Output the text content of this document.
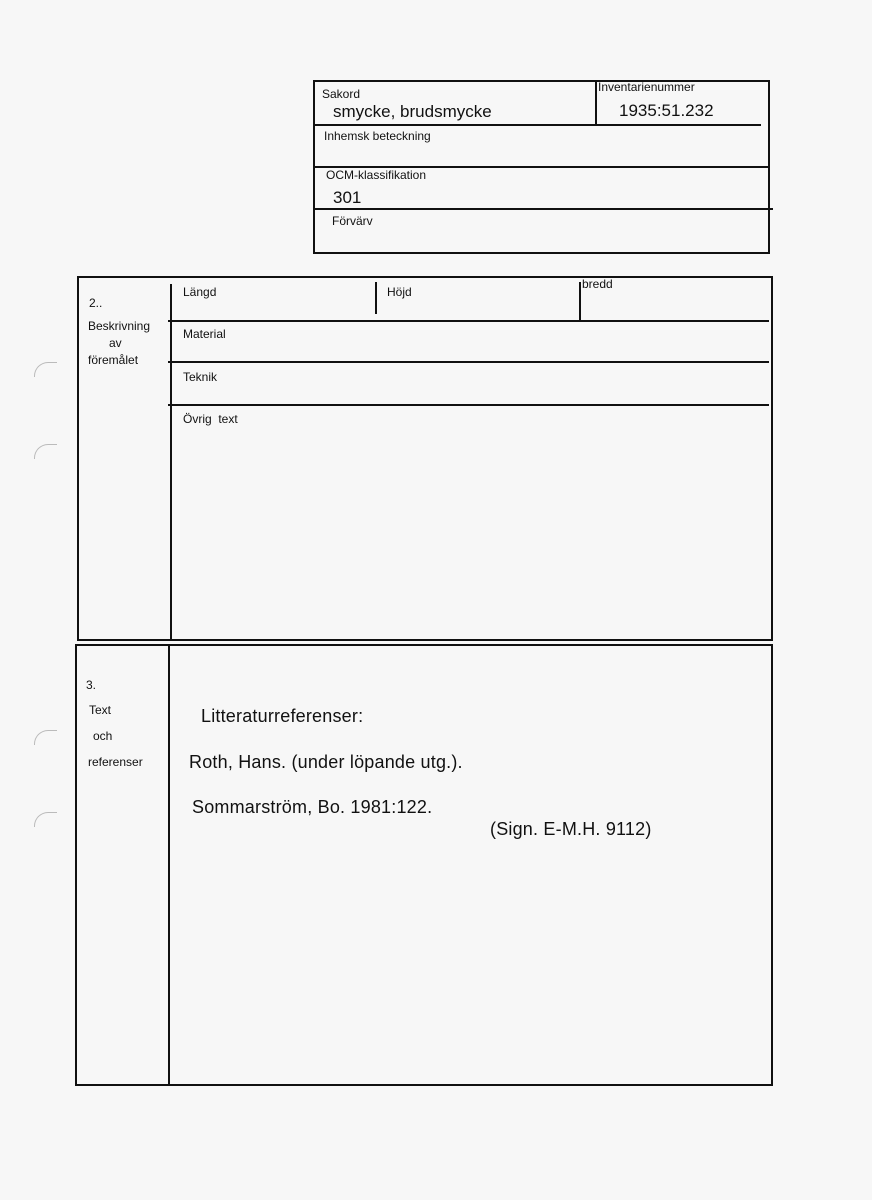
Sakord
smycke, brudsmycke
Inventarienummer
1935:51.232
Inhemsk beteckning
OCM-klassifikation
301
Förvärv
2..
Beskrivning
av
föremålet
Längd	Höjd
bredd
Material
Teknik
Övrig  text
3.
Text
och
referenser
Litteraturreferenser:
Roth, Hans. (under löpande utg.).
Sommarström, Bo. 1981:122.
(Sign. E-M.H. 9112)
